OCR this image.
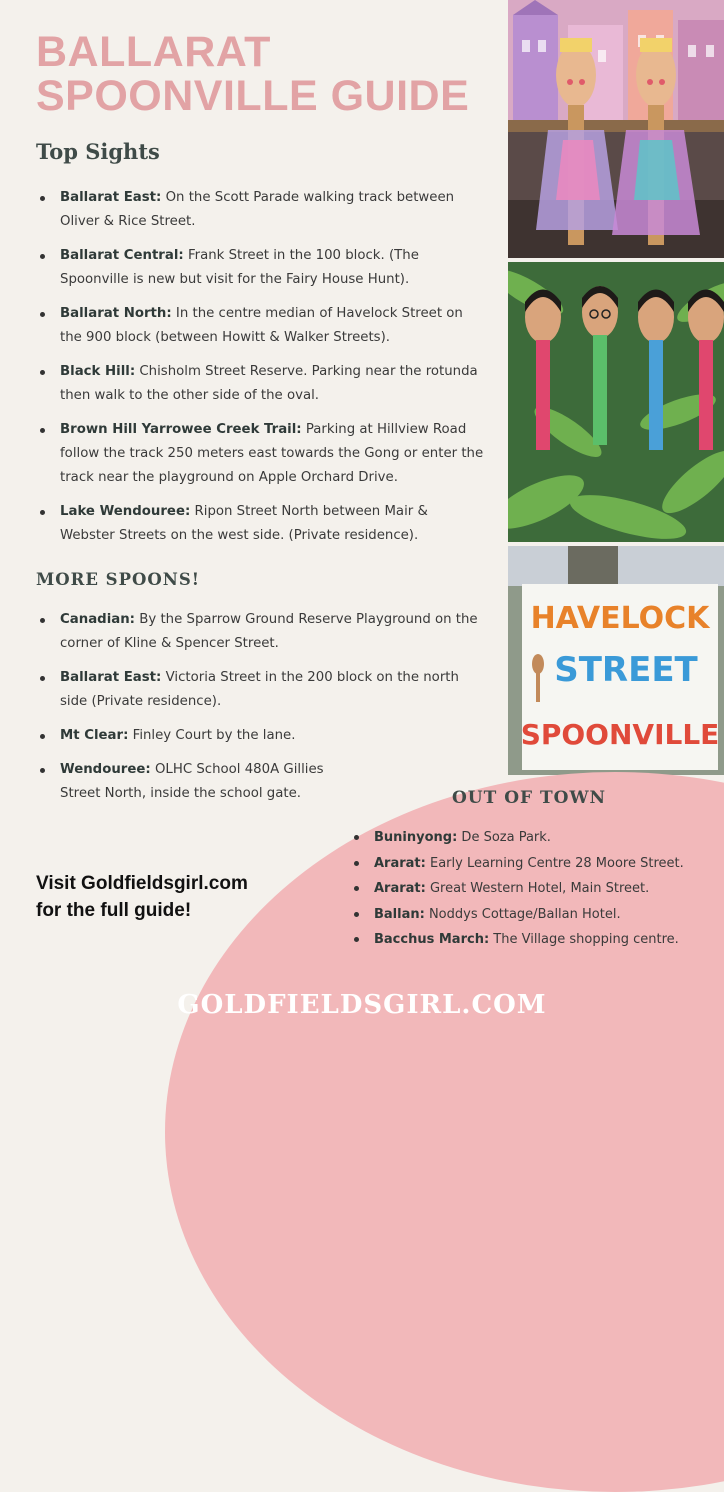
BALLARAT
SPOONVILLE GUIDE
Top Sights
Ballarat East: On the Scott Parade walking track between Oliver & Rice Street.
Ballarat Central: Frank Street in the 100 block. (The Spoonville is new but visit for the Fairy House Hunt).
Ballarat North: In the centre median of Havelock Street on the 900 block (between Howitt & Walker Streets).
Black Hill: Chisholm Street Reserve. Parking near the rotunda then walk to the other side of the oval.
Brown Hill Yarrowee Creek Trail: Parking at Hillview Road follow the track 250 meters east towards the Gong or enter the track near the playground on Apple Orchard Drive.
Lake Wendouree: Ripon Street North between Mair & Webster Streets on the west side. (Private residence).
MORE SPOONS!
Canadian: By the Sparrow Ground Reserve Playground on the corner of Kline & Spencer Street.
Ballarat East: Victoria Street in the 200 block on the north side (Private residence).
Mt Clear: Finley Court by the lane.
Wendouree: OLHC School 480A Gillies Street North, inside the school gate.
HAVELOCK
STREET
SPOONVILLE
Visit Goldfieldsgirl.com
for the full guide!
OUT OF TOWN
Buninyong: De Soza Park.
Ararat: Early Learning Centre 28 Moore Street.
Ararat: Great Western Hotel, Main Street.
Ballan: Noddys Cottage/Ballan Hotel.
Bacchus March: The Village shopping centre.
GOLDFIELDSGIRL.COM
